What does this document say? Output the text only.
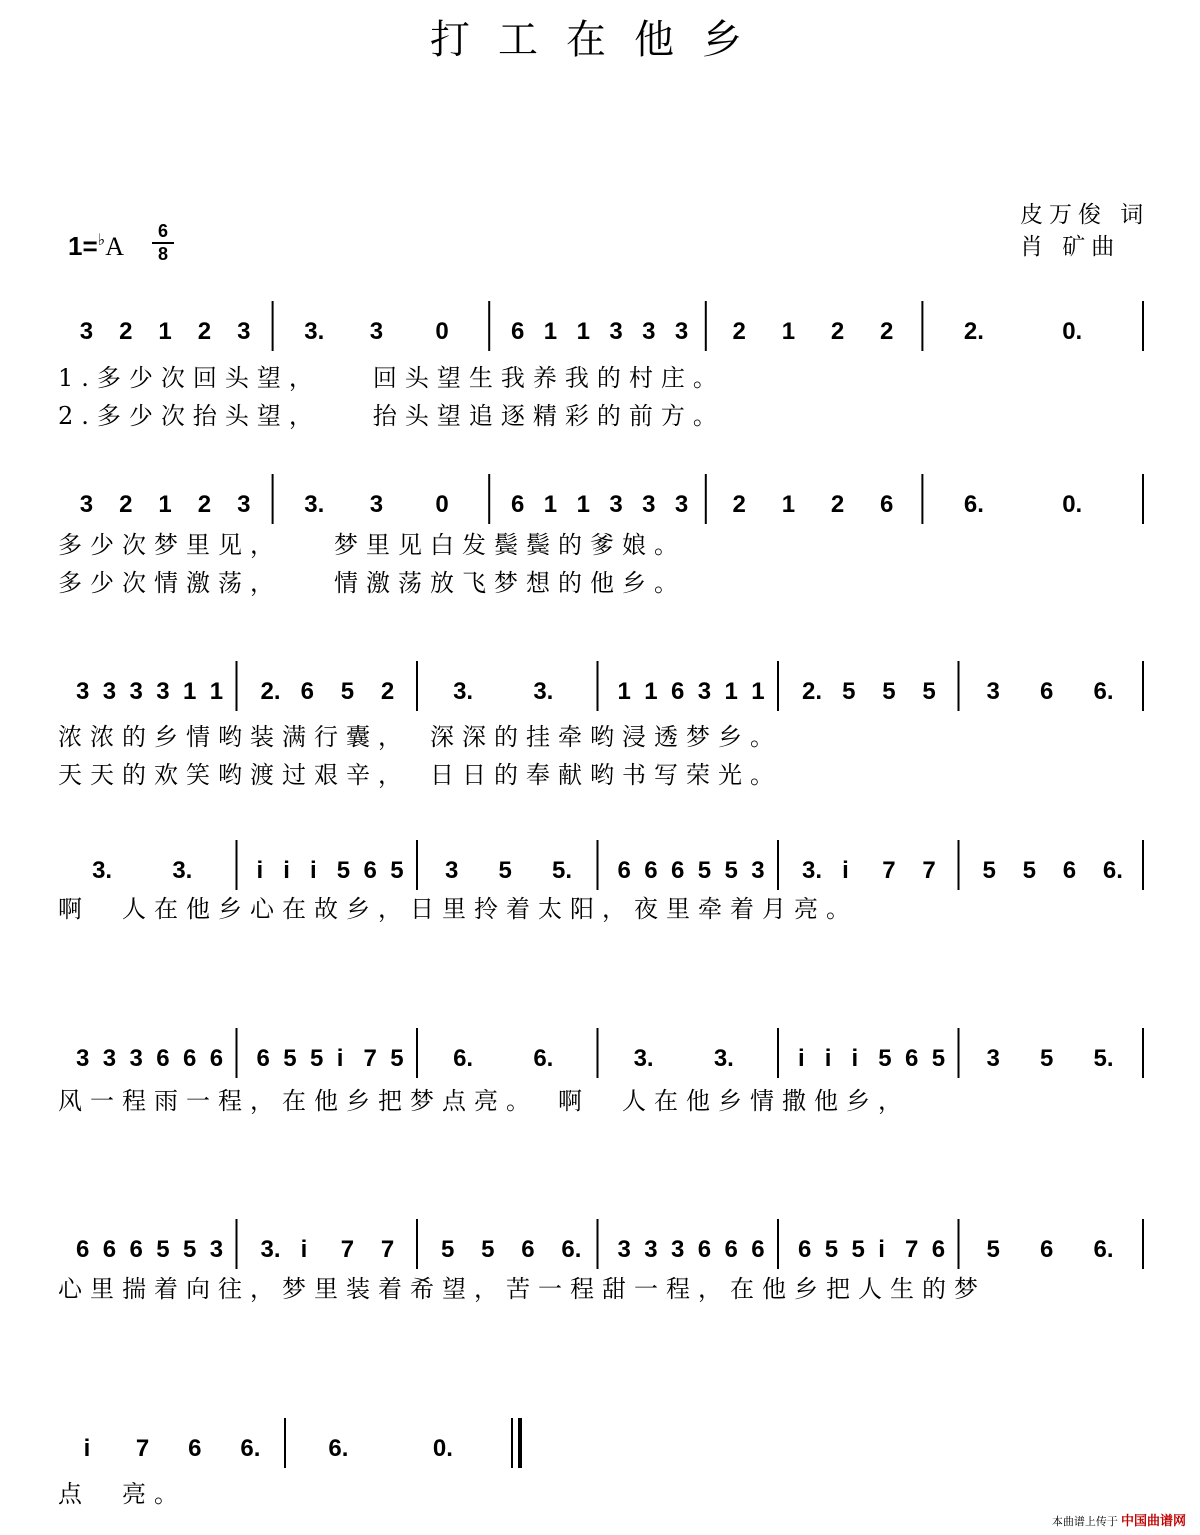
打工在他乡
皮万俊 词
肖 矿曲
1=♭A
6
8
3 2 1 2 3 3. 3 0	6 1 1 3 3 3 2 1 2 2	2.	0.
1.多少次回头望，　　回头望生我养我的村庄。
2.多少次抬头望，　　抬头望追逐精彩的前方。
3 2 1 2 3 3. 3 0	6 1 1 3 3 3 2 1 2 6	6.	0.
多少次梦里见，　　梦里见白发鬓鬓的爹娘。
多少次情激荡，　　情激荡放飞梦想的他乡。
3 3 3 3 1 1 2. 6 5 2 3.	3.	1 1 6 3 1 1 2. 5 5 5 3 6 6.
浓浓的乡情哟装满行囊，　深深的挂牵哟浸透梦乡。
天天的欢笑哟渡过艰辛，　日日的奉献哟书写荣光。
3.	3.	i i i 5 6 5 3 5 5. 6 6 6 5 5 3 3. i 7 7 5 5 6 6.
啊　人在他乡心在故乡，日里拎着太阳，夜里牵着月亮。
3 3 3 6 6 6 6 5 5 i 7 5 6.	6.	3.	3.	i i i 5 6 5 3 5 5.
风一程雨一程，在他乡把梦点亮。　啊　人在他乡情撒他乡，
6 6 6 5 5 3 3. i 7 7 5 5 6 6. 3 3 3 6 6 6 6 5 5 i 7 6 5 6 6.
心里揣着向往，梦里装着希望，苦一程甜一程，在他乡把人生的梦
i 7 6 6.	6.	0.
点　亮。
本曲谱上传于 中国曲谱网
